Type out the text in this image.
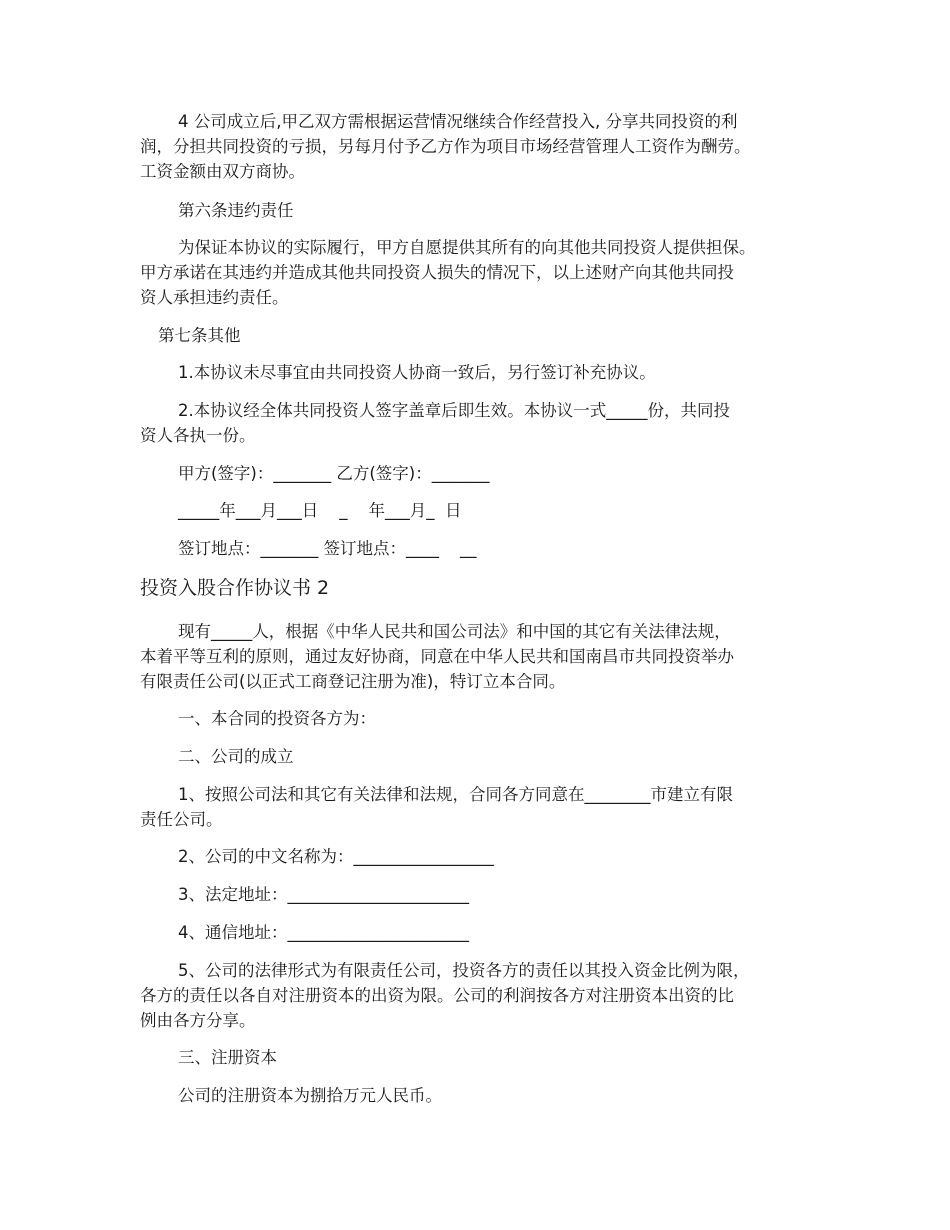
4 公司成立后,甲乙双方需根据运营情况继续合作经营投入, 分享共同投资的利
润，分担共同投资的亏损，另每月付予乙方作为项目市场经营管理人工资作为酬劳。
工资金额由双方商协。
第六条违约责任
为保证本协议的实际履行，甲方自愿提供其所有的向其他共同投资人提供担保。
甲方承诺在其违约并造成其他共同投资人损失的情况下，以上述财产向其他共同投
资人承担违约责任。
第七条其他
1.本协议未尽事宜由共同投资人协商一致后，另行签订补充协议。
2.本协议经全体共同投资人签字盖章后即生效。本协议一式_____份，共同投
资人各执一份。
甲方(签字)：_______ 乙方(签字)：_______
_____年___月___日    _    年___月_  日
签订地点：_______ 签订地点：____    __
投资入股合作协议书 2
现有_____人，根据《中华人民共和国公司法》和中国的其它有关法律法规，
本着平等互利的原则，通过友好协商，同意在中华人民共和国南昌市共同投资举办
有限责任公司(以正式工商登记注册为准)，特订立本合同。
一、本合同的投资各方为：
二、公司的成立
1、按照公司法和其它有关法律和法规，合同各方同意在________市建立有限
责任公司。
2、公司的中文名称为：_________________
3、法定地址：______________________
4、通信地址：______________________
5、公司的法律形式为有限责任公司，投资各方的责任以其投入资金比例为限，
各方的责任以各自对注册资本的出资为限。公司的利润按各方对注册资本出资的比
例由各方分享。
三、注册资本
公司的注册资本为捌拾万元人民币。
